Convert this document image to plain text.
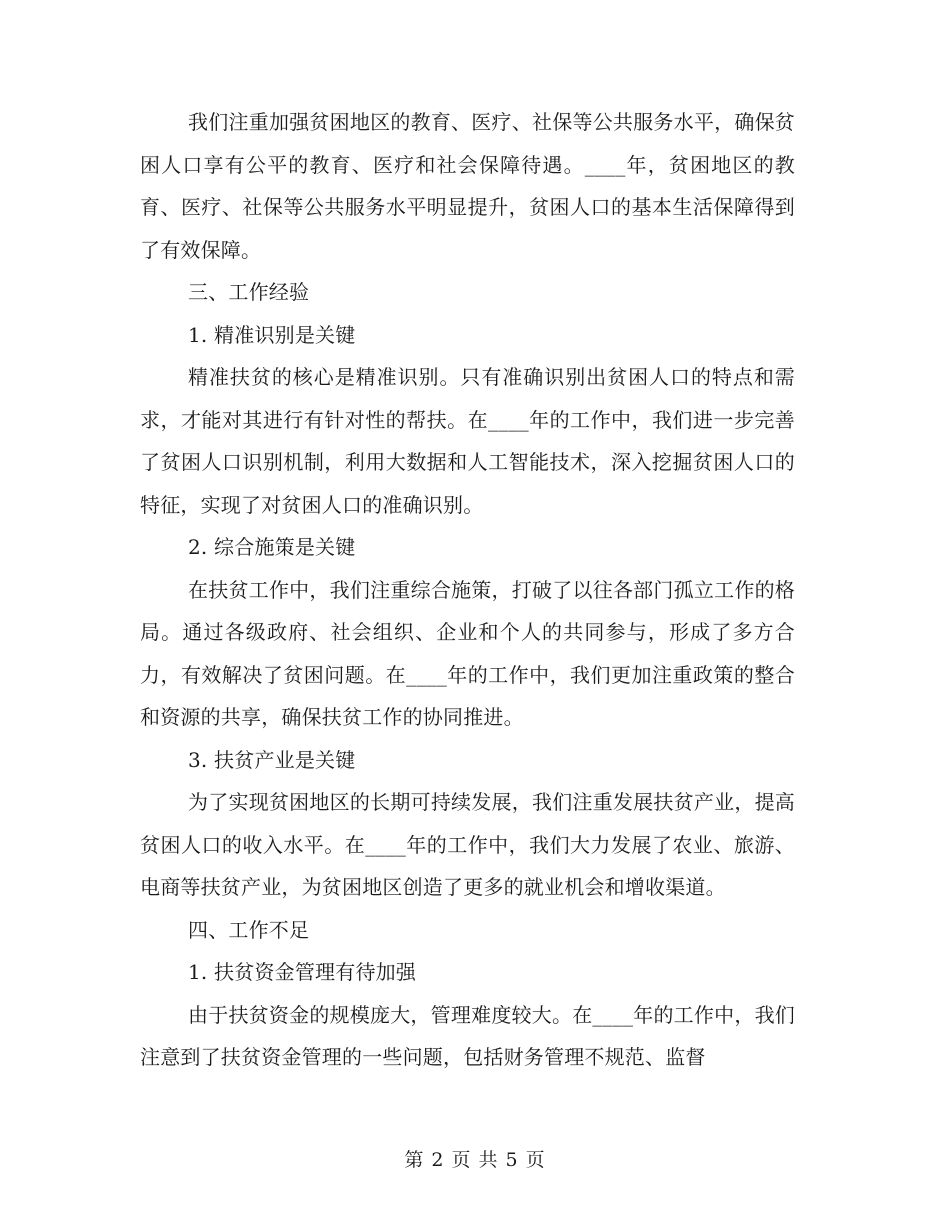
我们注重加强贫困地区的教育、医疗、社保等公共服务水平，确保贫困人口享有公平的教育、医疗和社会保障待遇。____年，贫困地区的教育、医疗、社保等公共服务水平明显提升，贫困人口的基本生活保障得到了有效保障。

三、工作经验

1. 精准识别是关键

精准扶贫的核心是精准识别。只有准确识别出贫困人口的特点和需求，才能对其进行有针对性的帮扶。在____年的工作中，我们进一步完善了贫困人口识别机制，利用大数据和人工智能技术，深入挖掘贫困人口的特征，实现了对贫困人口的准确识别。

2. 综合施策是关键

在扶贫工作中，我们注重综合施策，打破了以往各部门孤立工作的格局。通过各级政府、社会组织、企业和个人的共同参与，形成了多方合力，有效解决了贫困问题。在____年的工作中，我们更加注重政策的整合和资源的共享，确保扶贫工作的协同推进。

3. 扶贫产业是关键

为了实现贫困地区的长期可持续发展，我们注重发展扶贫产业，提高贫困人口的收入水平。在____年的工作中，我们大力发展了农业、旅游、电商等扶贫产业，为贫困地区创造了更多的就业机会和增收渠道。

四、工作不足

1. 扶贫资金管理有待加强

由于扶贫资金的规模庞大，管理难度较大。在____年的工作中，我们注意到了扶贫资金管理的一些问题，包括财务管理不规范、监督

第 2 页 共 5 页
